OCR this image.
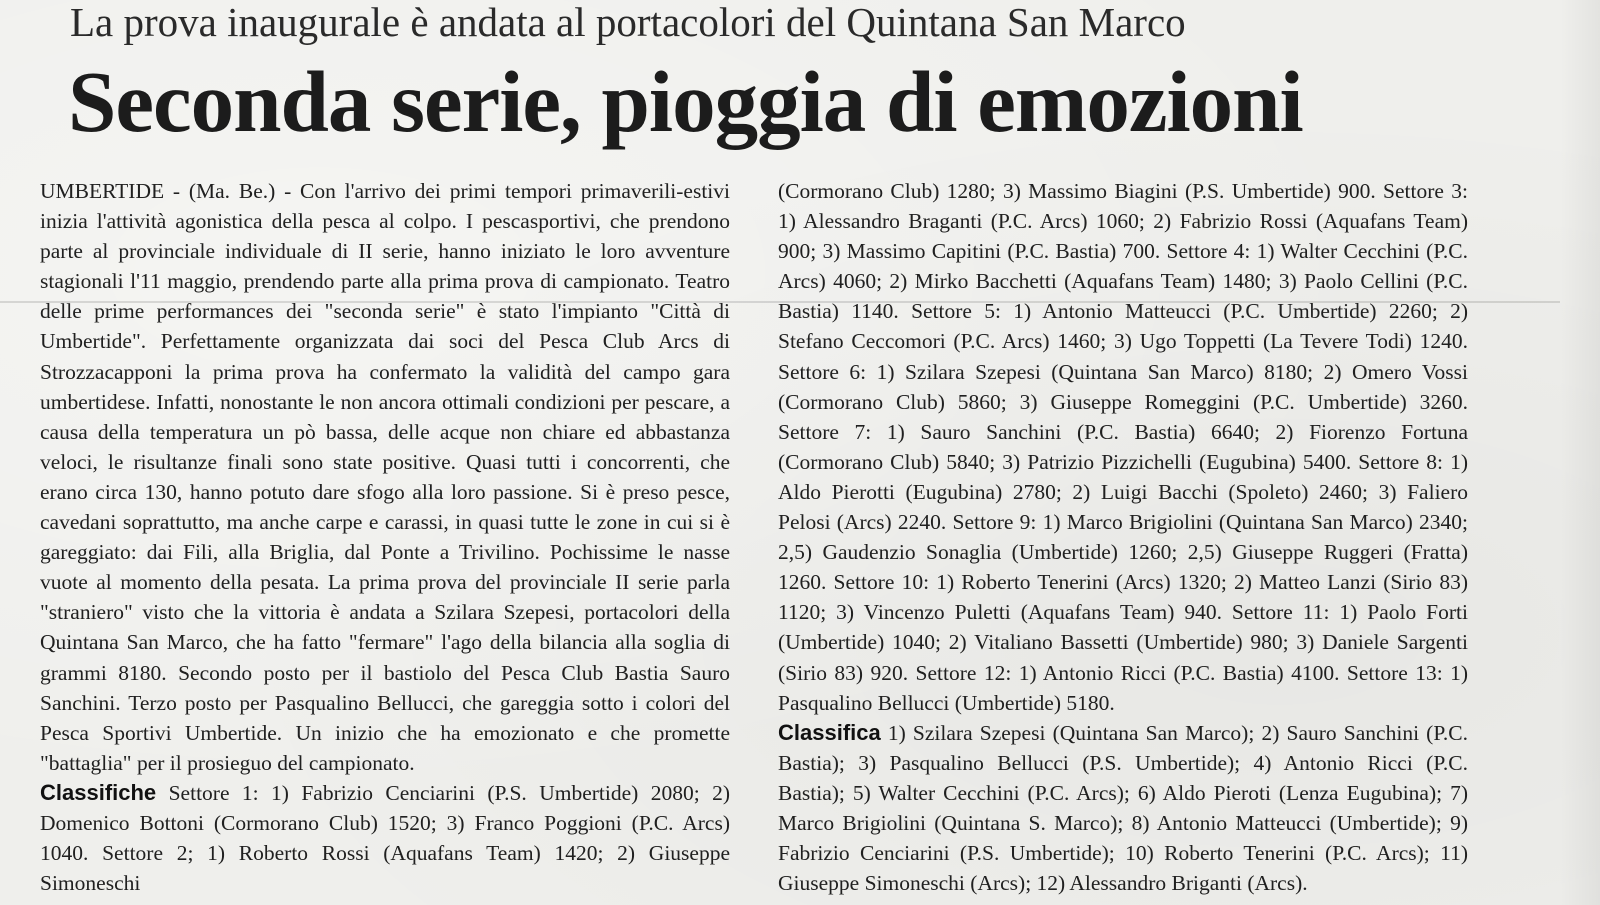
La prova inaugurale è andata al portacolori del Quintana San Marco
Seconda serie, pioggia di emozioni

UMBERTIDE - (Ma. Be.) - Con l'arrivo dei primi tempori primaverili-estivi inizia l'attività agonistica della pesca al colpo. I pescasportivi, che prendono parte al provinciale individuale di II serie, hanno iniziato le loro avventure stagionali l'11 maggio, prendendo parte alla prima prova di campionato. Teatro delle prime performances dei "seconda serie" è stato l'impianto "Città di Umbertide". Perfettamente organizzata dai soci del Pesca Club Arcs di Strozzacapponi la prima prova ha confermato la validità del campo gara umbertidese. Infatti, nonostante le non ancora ottimali condizioni per pescare, a causa della temperatura un pò bassa, delle acque non chiare ed abbastanza veloci, le risultanze finali sono state positive. Quasi tutti i concorrenti, che erano circa 130, hanno potuto dare sfogo alla loro passione. Si è preso pesce, cavedani soprattutto, ma anche carpe e carassi, in quasi tutte le zone in cui si è gareggiato: dai Fili, alla Briglia, dal Ponte a Trivilino. Pochissime le nasse vuote al momento della pesata. La prima prova del provinciale II serie parla "straniero" visto che la vittoria è andata a Szilara Szepesi, portacolori della Quintana San Marco, che ha fatto "fermare" l'ago della bilancia alla soglia di grammi 8180. Secondo posto per il bastiolo del Pesca Club Bastia Sauro Sanchini. Terzo posto per Pasqualino Bellucci, che gareggia sotto i colori del Pesca Sportivi Umbertide. Un inizio che ha emozionato e che promette "battaglia" per il prosieguo del campionato.

Classifiche Settore 1: 1) Fabrizio Cenciarini (P.S. Umbertide) 2080; 2) Domenico Bottoni (Cormorano Club) 1520; 3) Franco Poggioni (P.C. Arcs) 1040. Settore 2; 1) Roberto Rossi (Aquafans Team) 1420; 2) Giuseppe Simoneschi

(Cormorano Club) 1280; 3) Massimo Biagini (P.S. Umbertide) 900. Settore 3: 1) Alessandro Braganti (P.C. Arcs) 1060; 2) Fabrizio Rossi (Aquafans Team) 900; 3) Massimo Capitini (P.C. Bastia) 700. Settore 4: 1) Walter Cecchini (P.C. Arcs) 4060; 2) Mirko Bacchetti (Aquafans Team) 1480; 3) Paolo Cellini (P.C. Bastia) 1140. Settore 5: 1) Antonio Matteucci (P.C. Umbertide) 2260; 2) Stefano Ceccomori (P.C. Arcs) 1460; 3) Ugo Toppetti (La Tevere Todi) 1240. Settore 6: 1) Szilara Szepesi (Quintana San Marco) 8180; 2) Omero Vossi (Cormorano Club) 5860; 3) Giuseppe Romeggini (P.C. Umbertide) 3260. Settore 7: 1) Sauro Sanchini (P.C. Bastia) 6640; 2) Fiorenzo Fortuna (Cormorano Club) 5840; 3) Patrizio Pizzichelli (Eugubina) 5400. Settore 8: 1) Aldo Pierotti (Eugubina) 2780; 2) Luigi Bacchi (Spoleto) 2460; 3) Faliero Pelosi (Arcs) 2240. Settore 9: 1) Marco Brigiolini (Quintana San Marco) 2340; 2,5) Gaudenzio Sonaglia (Umbertide) 1260; 2,5) Giuseppe Ruggeri (Fratta) 1260. Settore 10: 1) Roberto Tenerini (Arcs) 1320; 2) Matteo Lanzi (Sirio 83) 1120; 3) Vincenzo Puletti (Aquafans Team) 940. Settore 11: 1) Paolo Forti (Umbertide) 1040; 2) Vitaliano Bassetti (Umbertide) 980; 3) Daniele Sargenti (Sirio 83) 920. Settore 12: 1) Antonio Ricci (P.C. Bastia) 4100. Settore 13: 1) Pasqualino Bellucci (Umbertide) 5180.

Classifica 1) Szilara Szepesi (Quintana San Marco); 2) Sauro Sanchini (P.C. Bastia); 3) Pasqualino Bellucci (P.S. Umbertide); 4) Antonio Ricci (P.C. Bastia); 5) Walter Cecchini (P.C. Arcs); 6) Aldo Pieroti (Lenza Eugubina); 7) Marco Brigiolini (Quintana S. Marco); 8) Antonio Matteucci (Umbertide); 9) Fabrizio Cenciarini (P.S. Umbertide); 10) Roberto Tenerini (P.C. Arcs); 11) Giuseppe Simoneschi (Arcs); 12) Alessandro Briganti (Arcs).
